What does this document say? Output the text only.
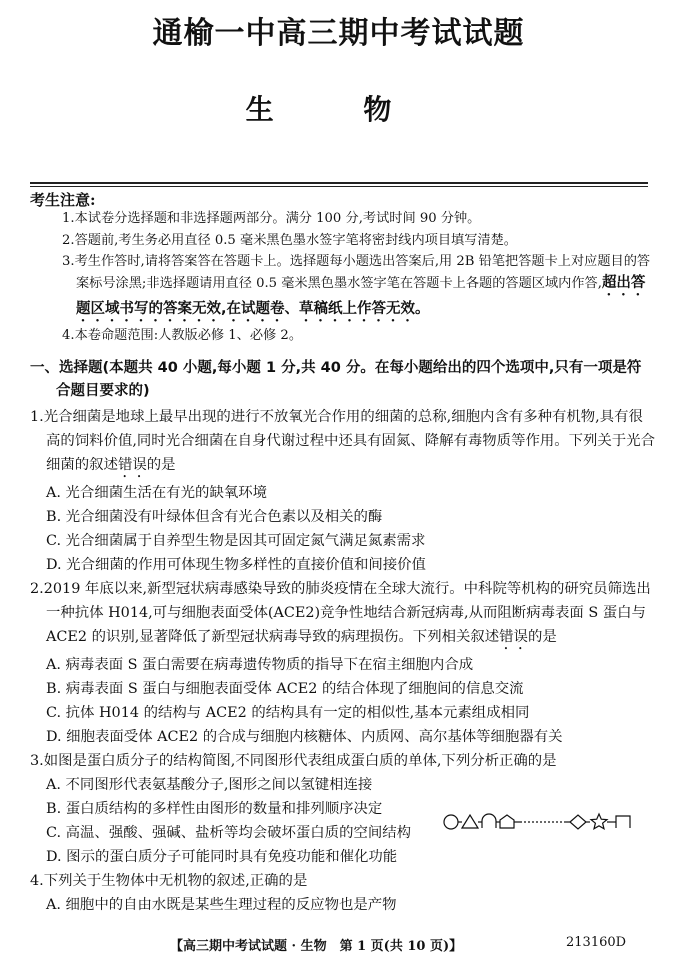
通榆一中高三期中考试试题
生 物
考生注意:
1.本试卷分选择题和非选择题两部分。满分 100 分,考试时间 90 分钟。
2.答题前,考生务必用直径 0.5 毫米黑色墨水签字笔将密封线内项目填写清楚。
3.考生作答时,请将答案答在答题卡上。选择题每小题选出答案后,用 2B 铅笔把答题卡上对应题目的答案标号涂黑;非选择题请用直径 0.5 毫米黑色墨水签字笔在答题卡上各题的答题区域内作答,超出答题区域书写的答案无效,在试题卷、草稿纸上作答无效。
4.本卷命题范围:人教版必修 1、必修 2。
一、选择题(本题共 40 小题,每小题 1 分,共 40 分。在每小题给出的四个选项中,只有一项是符
合题目要求的)
1.光合细菌是地球上最早出现的进行不放氧光合作用的细菌的总称,细胞内含有多种有机物,具有很高的饲料价值,同时光合细菌在自身代谢过程中还具有固氮、降解有毒物质等作用。下列关于光合细菌的叙述错误的是
A. 光合细菌生活在有光的缺氧环境
B. 光合细菌没有叶绿体但含有光合色素以及相关的酶
C. 光合细菌属于自养型生物是因其可固定氮气满足氮素需求
D. 光合细菌的作用可体现生物多样性的直接价值和间接价值
2.2019 年底以来,新型冠状病毒感染导致的肺炎疫情在全球大流行。中科院等机构的研究员筛选出一种抗体 H014,可与细胞表面受体(ACE2)竞争性地结合新冠病毒,从而阻断病毒表面 S 蛋白与 ACE2 的识别,显著降低了新型冠状病毒导致的病理损伤。下列相关叙述错误的是
A. 病毒表面 S 蛋白需要在病毒遗传物质的指导下在宿主细胞内合成
B. 病毒表面 S 蛋白与细胞表面受体 ACE2 的结合体现了细胞间的信息交流
C. 抗体 H014 的结构与 ACE2 的结构具有一定的相似性,基本元素组成相同
D. 细胞表面受体 ACE2 的合成与细胞内核糖体、内质网、高尔基体等细胞器有关
3.如图是蛋白质分子的结构简图,不同图形代表组成蛋白质的单体,下列分析正确的是
A. 不同图形代表氨基酸分子,图形之间以氢键相连接
B. 蛋白质结构的多样性由图形的数量和排列顺序决定
C. 高温、强酸、强碱、盐析等均会破坏蛋白质的空间结构
D. 图示的蛋白质分子可能同时具有免疫功能和催化功能
4.下列关于生物体中无机物的叙述,正确的是
A. 细胞中的自由水既是某些生理过程的反应物也是产物
【高三期中考试试题 · 生物　第 1 页(共 10 页)】	213160D
